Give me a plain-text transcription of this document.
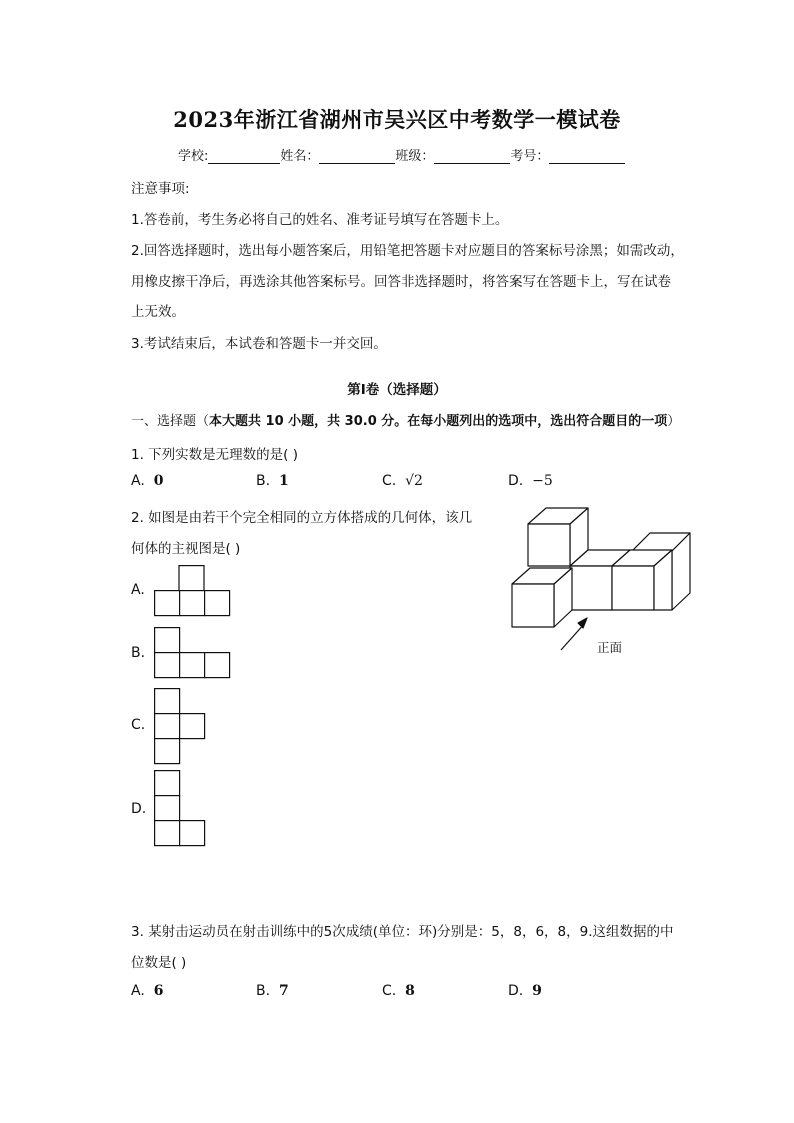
2023年浙江省湖州市吴兴区中考数学一模试卷
学校:	姓名：	班级：	考号：
注意事项:
1.答卷前，考生务必将自己的姓名、准考证号填写在答题卡上。
2.回答选择题时，选出每小题答案后，用铅笔把答题卡对应题目的答案标号涂黑；如需改动，
用橡皮擦干净后，再选涂其他答案标号。回答非选择题时，将答案写在答题卡上，写在试卷
上无效。
3.考试结束后，本试卷和答题卡一并交回。
第I卷（选择题）
一、选择题（本大题共 10 小题，共 30.0 分。在每小题列出的选项中，选出符合题目的一项）
1. 下列实数是无理数的是( )
A. 0	B. 1	C. √2	D. −5
2. 如图是由若干个完全相同的立方体搭成的几何体，该几
何体的主视图是( )
A.
B.
C.
D.
正面
3. 某射击运动员在射击训练中的5次成绩(单位：环)分别是：5，8，6，8，9.这组数据的中
位数是( )
A. 6	B. 7	C. 8	D. 9
